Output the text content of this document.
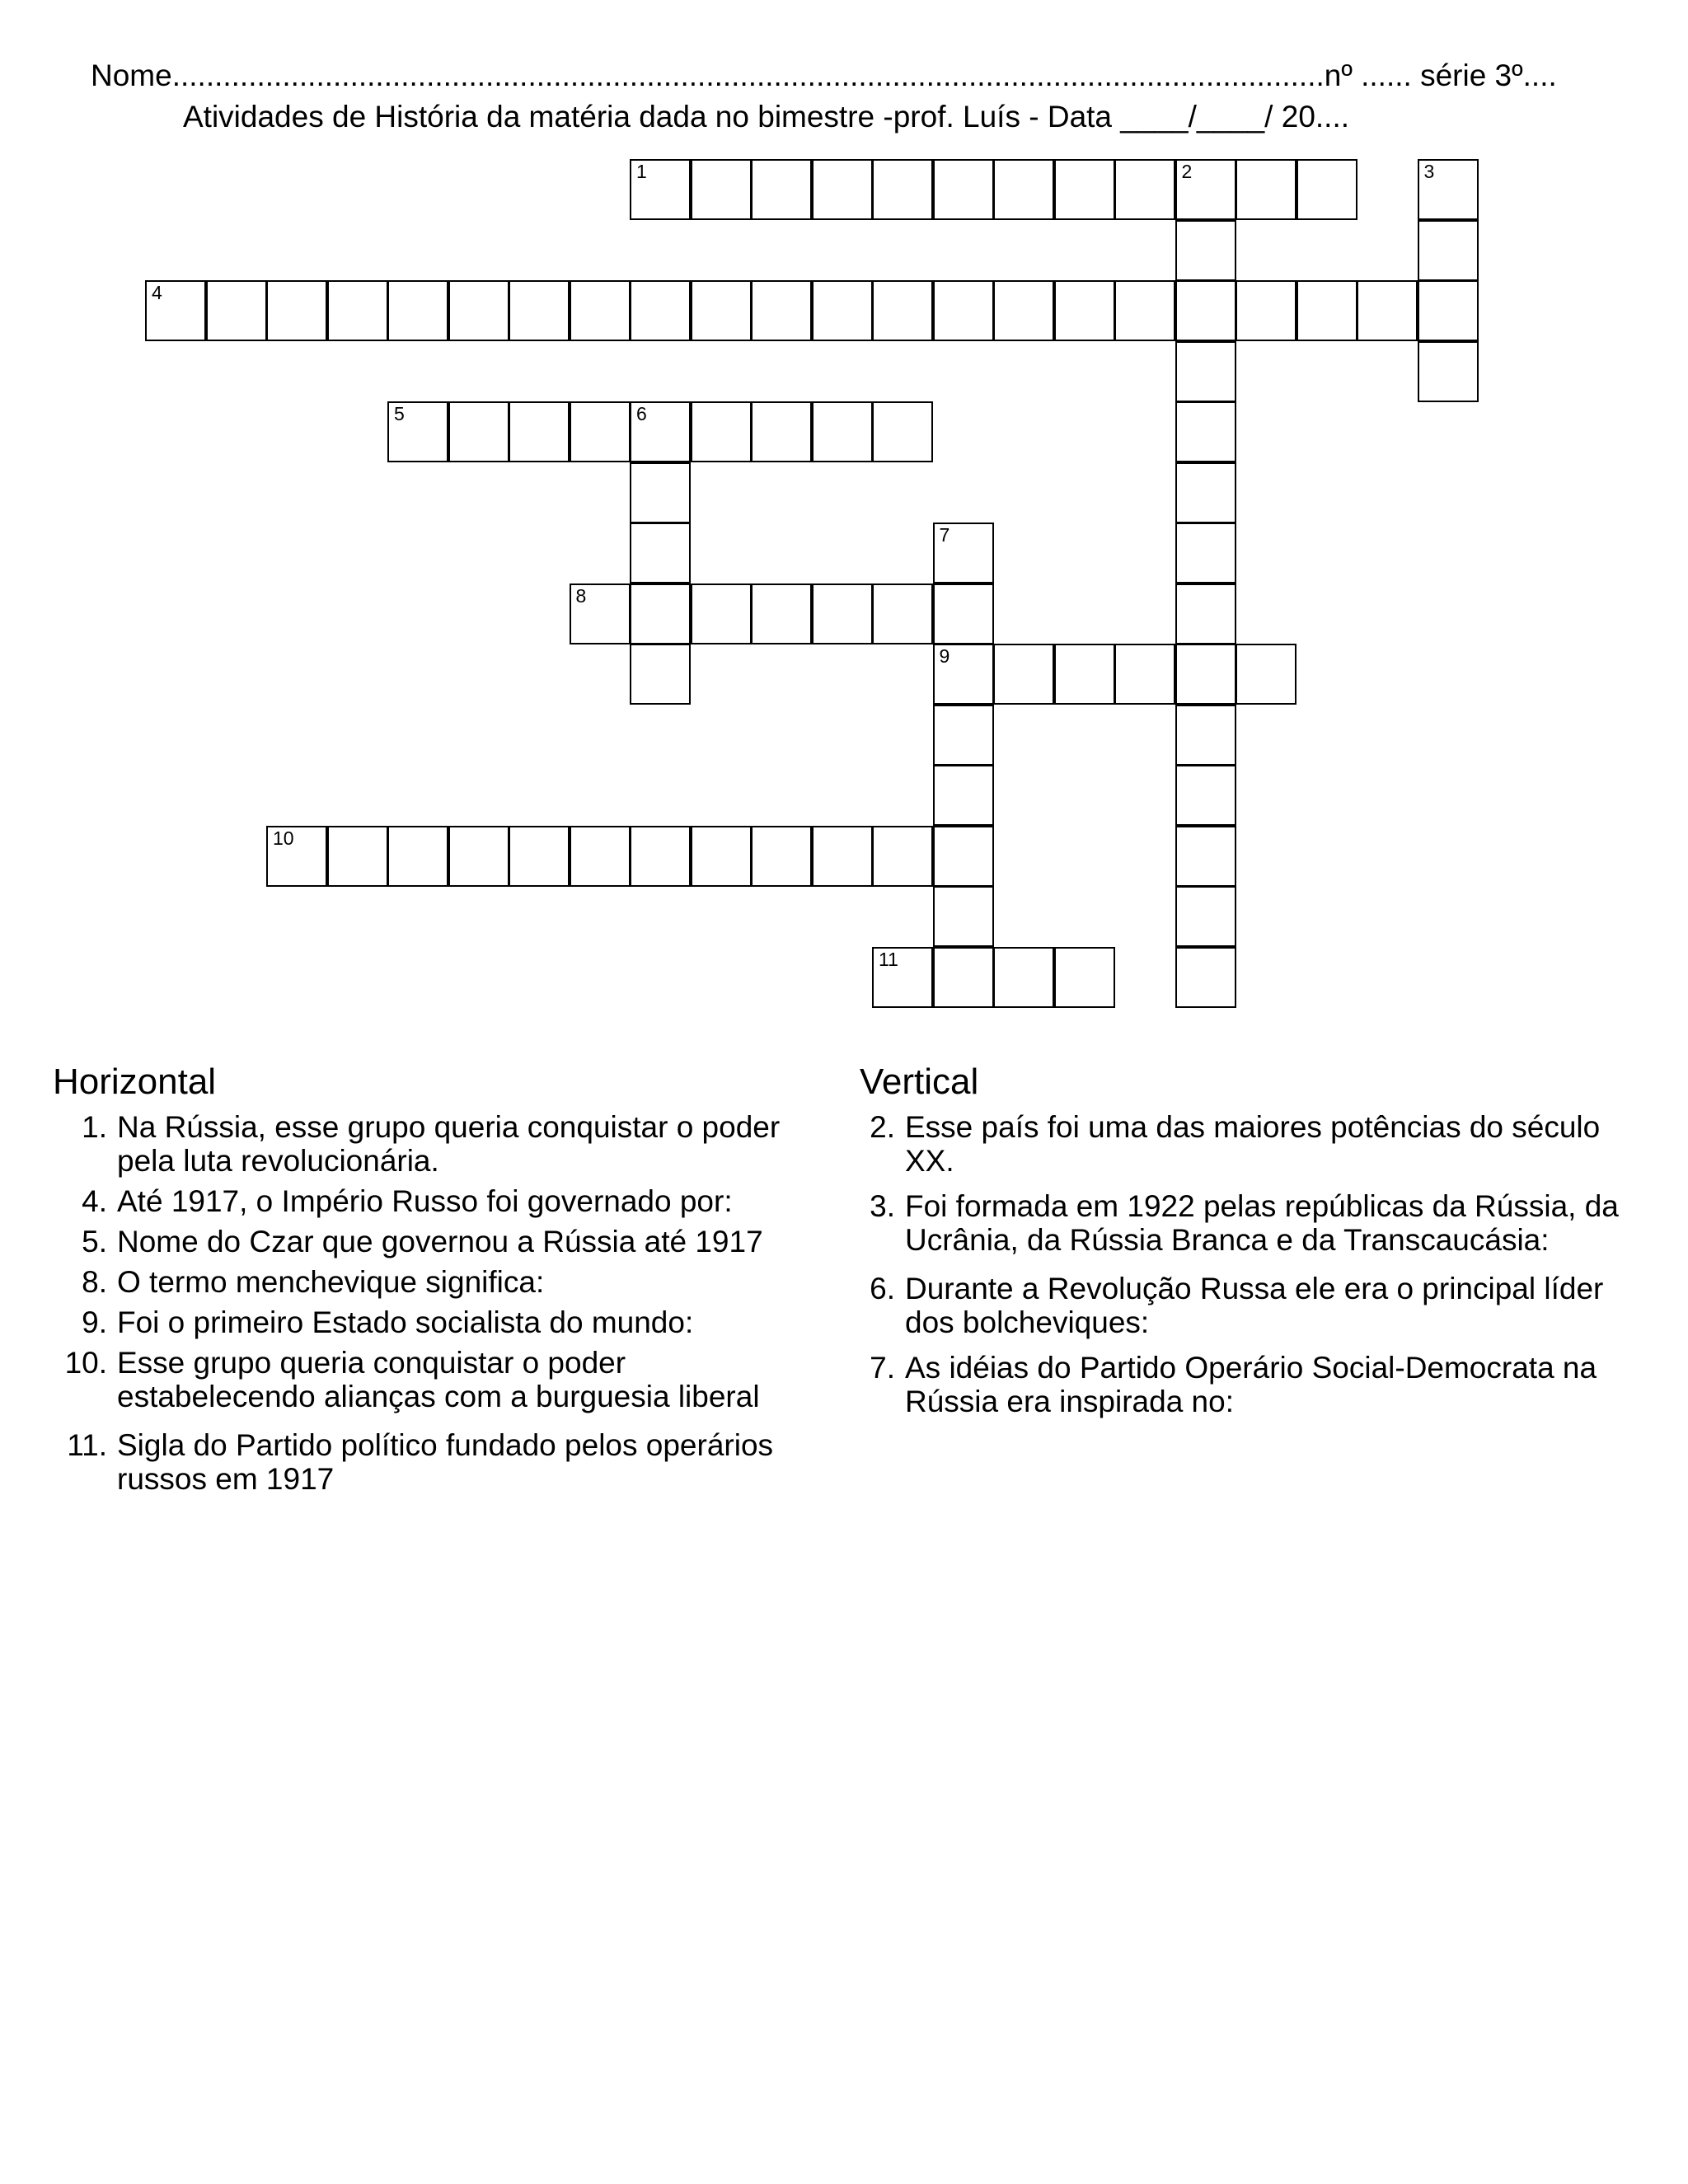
Nome........................................................................................................................................nº ...... série 3º....
Atividades de História da matéria dada no bimestre -prof. Luís - Data ____/____/ 20....
1	2	3
4
5	6
7
9
8
10
11
Horizontal	Vertical
1. Na Rússia, esse grupo queria conquistar o poder pela luta revolucionária.
4. Até 1917, o Império Russo foi governado por:
5. Nome do Czar que governou a Rússia até 1917
8. O termo menchevique significa:
9. Foi o primeiro Estado socialista do mundo:
10. Esse grupo queria conquistar o poder estabelecendo alianças com a burguesia liberal
11. Sigla do Partido político fundado pelos operários russos em 1917
2. Esse país foi uma das maiores potências do século XX.
3. Foi formada em 1922 pelas repúblicas da Rússia, da Ucrânia, da Rússia Branca e da Transcaucásia:
6. Durante a Revolução Russa ele era o principal líder dos bolcheviques:
7. As idéias do Partido Operário Social-Democrata na Rússia era inspirada no:
